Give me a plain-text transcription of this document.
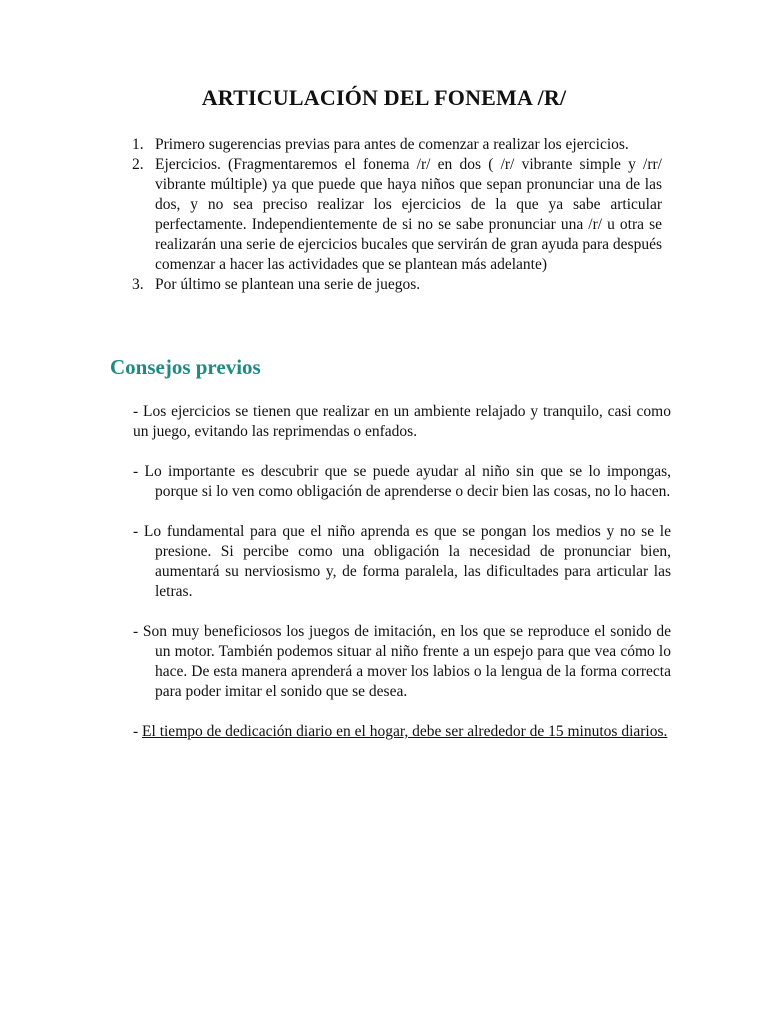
ARTICULACIÓN DEL FONEMA /R/
1. Primero sugerencias previas para antes de comenzar a realizar los ejercicios.
2. Ejercicios. (Fragmentaremos el fonema /r/ en dos ( /r/ vibrante simple y /rr/ vibrante múltiple) ya que puede que haya niños que sepan pronunciar una de las dos, y no sea preciso realizar los ejercicios de la que ya sabe articular perfectamente. Independientemente de si no se sabe pronunciar una /r/ u otra se realizarán una serie de ejercicios bucales que servirán de gran ayuda para después comenzar a hacer las actividades que se plantean más adelante)
3. Por último se plantean una serie de juegos.
Consejos previos
- Los ejercicios se tienen que realizar en un ambiente relajado y tranquilo, casi como un juego, evitando las reprimendas o enfados.
- Lo importante es descubrir que se puede ayudar al niño sin que se lo impongas, porque si lo ven como obligación de aprenderse o decir bien las cosas, no lo hacen.
- Lo fundamental para que el niño aprenda es que se pongan los medios y no se le presione. Si percibe como una obligación la necesidad de pronunciar bien, aumentará su nerviosismo y, de forma paralela, las dificultades para articular las letras.
- Son muy beneficiosos los juegos de imitación, en los que se reproduce el sonido de un motor. También podemos situar al niño frente a un espejo para que vea cómo lo hace. De esta manera aprenderá a mover los labios o la lengua de la forma correcta para poder imitar el sonido que se desea.
- El tiempo de dedicación diario en el hogar, debe ser alrededor de 15 minutos diarios.
